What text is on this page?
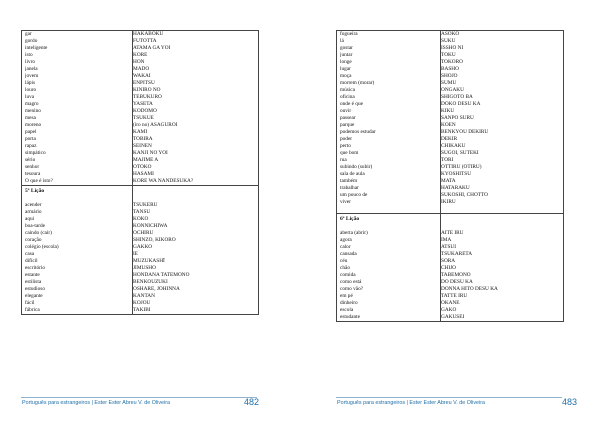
gar	HAKABOKU
gordo	FUTOTTA
inteligente	ATAMA GA YOI
isto	KORE
livro	HON
janela	MADO
jovem	WAKAI
lápis	ENPITSU
louro	KINIRO NO
luva	TEBUKURO
magro	YASETA
menino	KODOMO
mesa	TSUKUE
moreno	(iro no) ASAGUROI
papel	KAMI
porta	TOBIRA
rapaz	SEINEN
simpático	KANJI NO YOI
sério	MAJIME A
senhor	OTOKO
tesoura	HASAMI
O que é isto?	KORE WA NANDESUKA?
5ª Lição
acender	TSUKERU
armário	TANSU
aqui	KOKO
boa-tarde	KONNICHIWA
caindo (cair)	OCHIRU
coração	SHINZŌ, KIKORO
colégio (escola)	GAKKŌ
casa	IE
difícil	MUZUKASHĪ
escritório	JIMUSHO
estante	HONDANA TATEMONO
estilista	BENKOUZUKI
estudioso	OSHARE, JŌHINNA
elegante	KANTAN
fácil	KOJOU
fábrica	TAKIBI
Português para estrangeiros | Ester Ester Abreu V. de Oliveira	482
fogueira	ASOKO
lá	SUKU
gostar	ISSHO NI
juntar	TŌKU
longe	TOKORO
lugar	BASHO
moça	SHŌJO
morrem (morar)	SUMU
música	ONGAKU
oficina	SHIGOTO BA
onde é que	DOKO DESU KA
ouvir	KIKU
passear	SANPO SURU
parque	KOEN
podemos estudar	BENKYOU DEKIRU
poder	DEKIR
perto	CHIKAKU
que bom	SUGOI, SUTEKI
rua	TŌRI
subindo (subir)	OTTIRU (OTIRU)
sala de aula	KYŌSHITSU
também	MATA
trabalhar	HATARAKU
um pouco de	SUKOSHI, CHOTTO
viver	IKIRU
6ª Lição
aberta (abrir)	AITE IRU
agora	IMA
calor	ATSUI
cansada	TSUKARETA
céu	SORA
chão	CHIJŌ
comida	TABEMONO
como está	DŌ DESU KA
como vão?	DONNA HITO DESU KA
em pé	TATTE IRU
dinheiro	OKANE
escola	GAKŌ
estudante	GAKUSEI
Português para estrangeiros | Ester Ester Abreu V. de Oliveira	483
